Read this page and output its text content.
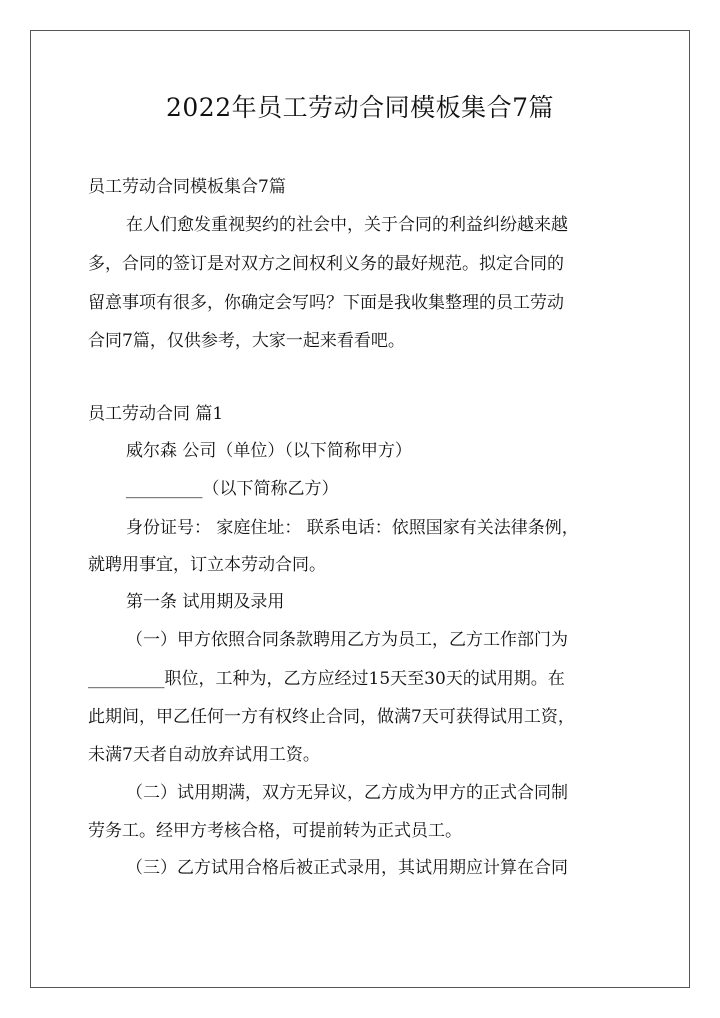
2022年员工劳动合同模板集合7篇
员工劳动合同模板集合7篇
在人们愈发重视契约的社会中，关于合同的利益纠纷越来越
多，合同的签订是对双方之间权利义务的最好规范。拟定合同的
留意事项有很多，你确定会写吗？下面是我收集整理的员工劳动
合同7篇，仅供参考，大家一起来看看吧。
员工劳动合同 篇1
威尔森 公司（单位）（以下简称甲方）
_________（以下简称乙方）
身份证号： 家庭住址： 联系电话：依照国家有关法律条例，
就聘用事宜，订立本劳动合同。
第一条 试用期及录用
（一）甲方依照合同条款聘用乙方为员工，乙方工作部门为
_________职位，工种为，乙方应经过15天至30天的试用期。在
此期间，甲乙任何一方有权终止合同，做满7天可获得试用工资，
未满7天者自动放弃试用工资。
（二）试用期满，双方无异议，乙方成为甲方的正式合同制
劳务工。经甲方考核合格，可提前转为正式员工。
（三）乙方试用合格后被正式录用，其试用期应计算在合同
